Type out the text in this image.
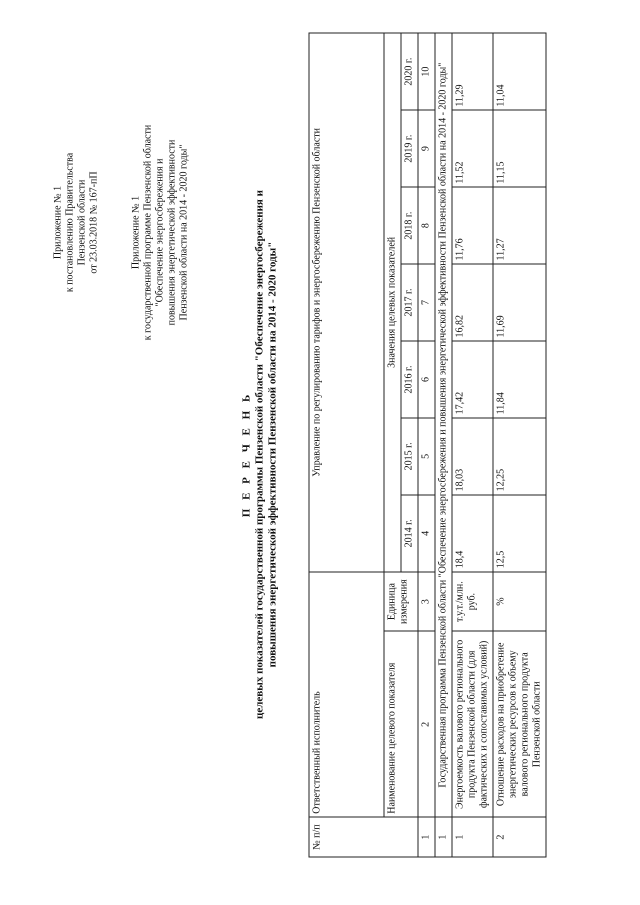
Приложение № 1 к постановлению Правительства Пензенской области от 23.03.2018 № 167-пП	Приложение № 1 к государственной программе Пензенской области "Обеспечение энергосбережения и повышения энергетической эффективности Пензенской области на 2014 - 2020 годы"
П Е Р Е Ч Е Н Ь целевых показателей государственной программы Пензенской области "Обеспечение энергосбережения и повышения энергетической эффективности Пензенской области на 2014 - 2020 годы"
№ п/п	Ответственный исполнитель		Управление по регулированию тарифов и энергосбережению Пензенской области						
	Наименование целевого показателя	Единица измерения	Значения целевых показателей						
			2014 г.	2015 г.	2016 г.	2017 г.	2018 г.	2019 г.	2020 г.
1	2	3	4	5	6	7	8	9	10
1	Государственная программа Пензенской области "Обеспечение энергосбережения и повышения энергетической эффективности Пензенской области на 2014 - 2020 годы"								
1	Энергоемкость валового регионального продукта Пензенской области (для фактических и сопоставимых условий)	т.у.т./млн. руб.	18,4	18,03	17,42	16,82	11,76	11,52	11,29
2	Отношение расходов на приобретение энергетических ресурсов к объему валового регионального продукта Пензенской области	%	12,5	12,25	11,84	11,69	11,27	11,15	11,04
